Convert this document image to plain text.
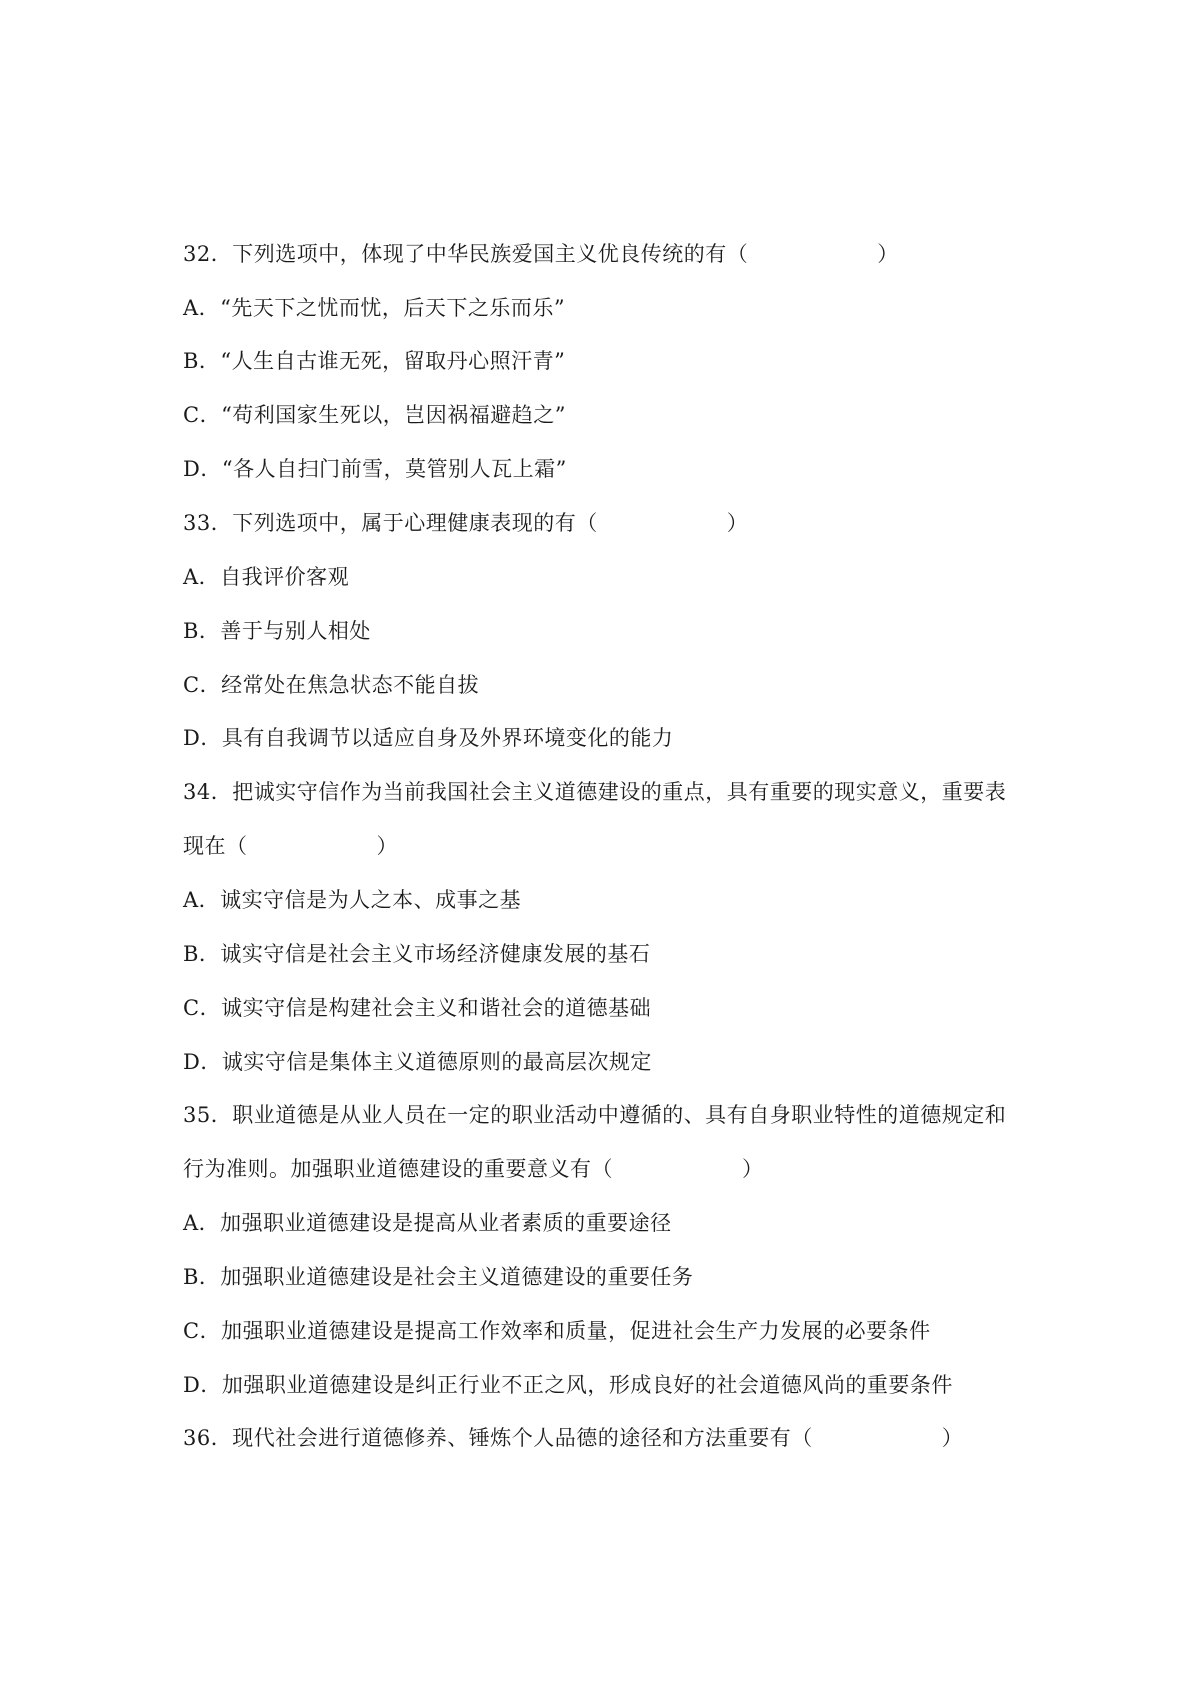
32．下列选项中，体现了中华民族爱国主义优良传统的有（　　　　　　）
A．“先天下之忧而忧，后天下之乐而乐”
B．“人生自古谁无死，留取丹心照汗青”
C．“苟利国家生死以，岂因祸福避趋之”
D．“各人自扫门前雪，莫管别人瓦上霜”
33．下列选项中，属于心理健康表现的有（　　　　　　）
A．自我评价客观
B．善于与别人相处
C．经常处在焦急状态不能自拔
D．具有自我调节以适应自身及外界环境变化的能力
34．把诚实守信作为当前我国社会主义道德建设的重点，具有重要的现实意义，重要表
现在（　　　　　　）
A．诚实守信是为人之本、成事之基
B．诚实守信是社会主义市场经济健康发展的基石
C．诚实守信是构建社会主义和谐社会的道德基础
D．诚实守信是集体主义道德原则的最高层次规定
35．职业道德是从业人员在一定的职业活动中遵循的、具有自身职业特性的道德规定和
行为准则。加强职业道德建设的重要意义有（　　　　　　）
A．加强职业道德建设是提高从业者素质的重要途径
B．加强职业道德建设是社会主义道德建设的重要任务
C．加强职业道德建设是提高工作效率和质量，促进社会生产力发展的必要条件
D．加强职业道德建设是纠正行业不正之风，形成良好的社会道德风尚的重要条件
36．现代社会进行道德修养、锤炼个人品德的途径和方法重要有（　　　　　　）
